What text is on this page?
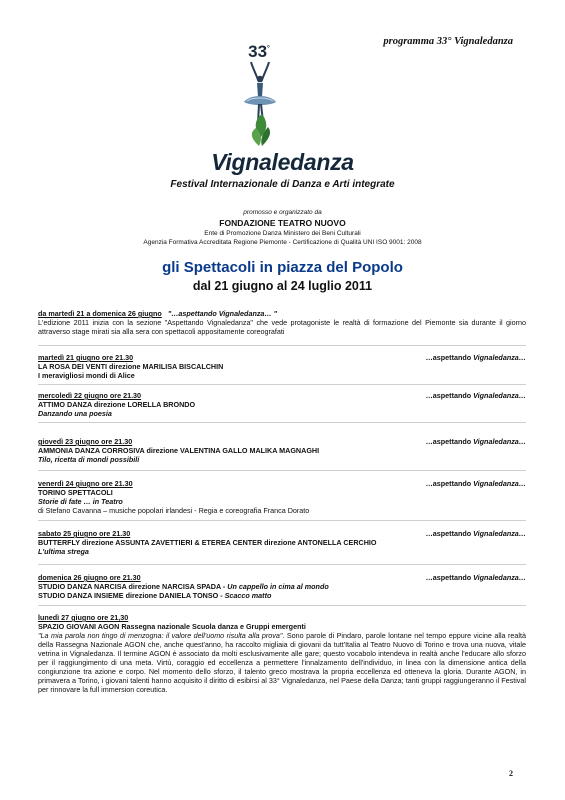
programma 33° Vignaledanza
33°
Vignaledanza
Festival Internazionale di Danza e Arti integrate
promosso e organizzato da
FONDAZIONE TEATRO NUOVO
Ente di Promozione Danza Ministero dei Beni Culturali
Agenzia Formativa Accreditata Regione Piemonte - Certificazione di Qualità UNI ISO 9001: 2008
gli Spettacoli in piazza del Popolo
dal 21 giugno al 24 luglio 2011
da martedì 21 a domenica 26 giugno "…aspettando Vignaledanza… "
L'edizione 2011 inizia con la sezione "Aspettando Vignaledanza" che vede protagoniste le realtà di formazione del Piemonte sia durante il giorno attraverso stage mirati sia alla sera con spettacoli appositamente coreografati
martedì 21 giugno ore 21.30	…aspettando Vignaledanza…
LA ROSA DEI VENTI direzione MARILISA BISCALCHIN
I meravigliosi mondi di Alice
mercoledì 22 giugno ore 21.30	…aspettando Vignaledanza…
ATTIMO DANZA direzione LORELLA BRONDO
Danzando una poesia
giovedì 23 giugno ore 21.30	…aspettando Vignaledanza…
AMMONIA DANZA CORROSIVA direzione VALENTINA GALLO MALIKA MAGNAGHI
Tilo, ricetta di mondi possibili
venerdì 24 giugno ore 21.30	…aspettando Vignaledanza…
TORINO SPETTACOLI
Storie di fate … in Teatro
di Stefano Cavanna – musiche popolari irlandesi - Regia e coreografia Franca Dorato
sabato 25 giugno ore 21.30	…aspettando Vignaledanza…
BUTTERFLY direzione ASSUNTA ZAVETTIERI & ETEREA CENTER direzione ANTONELLA CERCHIO
L'ultima strega
domenica 26 giugno ore 21.30	…aspettando Vignaledanza…
STUDIO DANZA NARCISA direzione NARCISA SPADA - Un cappello in cima al mondo
STUDIO DANZA INSIEME direzione DANIELA TONSO - Scacco matto
lunedì 27 giugno ore 21,30
SPAZIO GIOVANI AGON Rassegna nazionale Scuola danza e Gruppi emergenti
"La mia parola non tingo di menzogna: il valore dell'uomo risulta alla prova". Sono parole di Pindaro, parole lontane nel tempo eppure vicine alla realtà della Rassegna Nazionale AGON che, anche quest'anno, ha raccolto migliaia di giovani da tutt'Italia al Teatro Nuovo di Torino e trova una nuova, vitale vetrina in Vignaledanza. Il termine AGON è associato da molti esclusivamente alle gare; questo vocabolo intendeva in realtà anche l'educare allo sforzo per il raggiungimento di una meta. Virtù, coraggio ed eccellenza a permettere l'innalzamento dell'individuo, in linea con la dimensione antica della congiunzione tra azione e corpo. Nel momento dello sforzo, il talento greco mostrava la propria eccellenza ed otteneva la gloria. Durante AGON, in primavera a Torino, i giovani talenti hanno acquisito il diritto di esibirsi al 33° Vignaledanza, nel Paese della Danza; tanti gruppi raggiungeranno il Festival per rinnovare la full immersion coreutica.
2
